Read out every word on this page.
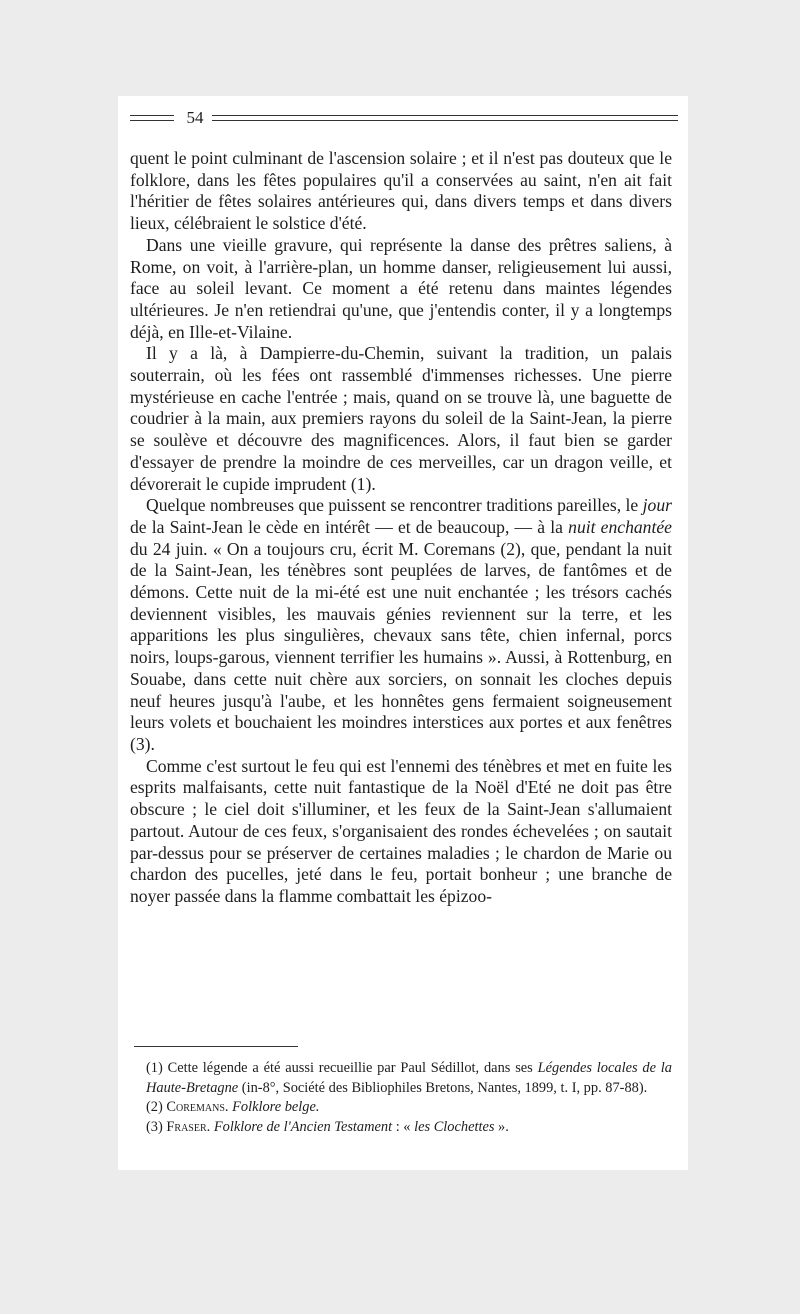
54

quent le point culminant de l'ascension solaire ; et il n'est pas douteux que le folklore, dans les fêtes populaires qu'il a conservées au saint, n'en ait fait l'héritier de fêtes solaires antérieures qui, dans divers temps et dans divers lieux, célébraient le solstice d'été.

Dans une vieille gravure, qui représente la danse des prêtres saliens, à Rome, on voit, à l'arrière-plan, un homme danser, religieusement lui aussi, face au soleil levant. Ce moment a été retenu dans maintes légendes ultérieures. Je n'en retiendrai qu'une, que j'entendis conter, il y a longtemps déjà, en Ille-et-Vilaine.

Il y a là, à Dampierre-du-Chemin, suivant la tradition, un palais souterrain, où les fées ont rassemblé d'immenses richesses. Une pierre mystérieuse en cache l'entrée ; mais, quand on se trouve là, une baguette de coudrier à la main, aux premiers rayons du soleil de la Saint-Jean, la pierre se soulève et découvre des magnificences. Alors, il faut bien se garder d'essayer de prendre la moindre de ces merveilles, car un dragon veille, et dévorerait le cupide imprudent (1).

Quelque nombreuses que puissent se rencontrer traditions pareilles, le jour de la Saint-Jean le cède en intérêt — et de beaucoup, — à la nuit enchantée du 24 juin. « On a toujours cru, écrit M. Coremans (2), que, pendant la nuit de la Saint-Jean, les ténèbres sont peuplées de larves, de fantômes et de démons. Cette nuit de la mi-été est une nuit enchantée ; les trésors cachés deviennent visibles, les mauvais génies reviennent sur la terre, et les apparitions les plus singulières, chevaux sans tête, chien infernal, porcs noirs, loups-garous, viennent terrifier les humains ». Aussi, à Rottenburg, en Souabe, dans cette nuit chère aux sorciers, on sonnait les cloches depuis neuf heures jusqu'à l'aube, et les honnêtes gens fermaient soigneusement leurs volets et bouchaient les moindres interstices aux portes et aux fenêtres (3).

Comme c'est surtout le feu qui est l'ennemi des ténèbres et met en fuite les esprits malfaisants, cette nuit fantastique de la Noël d'Eté ne doit pas être obscure ; le ciel doit s'illuminer, et les feux de la Saint-Jean s'allumaient partout. Autour de ces feux, s'organisaient des rondes échevelées ; on sautait par-dessus pour se préserver de certaines maladies ; le chardon de Marie ou chardon des pucelles, jeté dans le feu, portait bonheur ; une branche de noyer passée dans la flamme combattait les épizoo-

(1) Cette légende a été aussi recueillie par Paul Sédillot, dans ses Légendes locales de la Haute-Bretagne (in-8°, Société des Bibliophiles Bretons, Nantes, 1899, t. I, pp. 87-88).

(2) Coremans. Folklore belge.

(3) Fraser. Folklore de l'Ancien Testament : « les Clochettes ».
